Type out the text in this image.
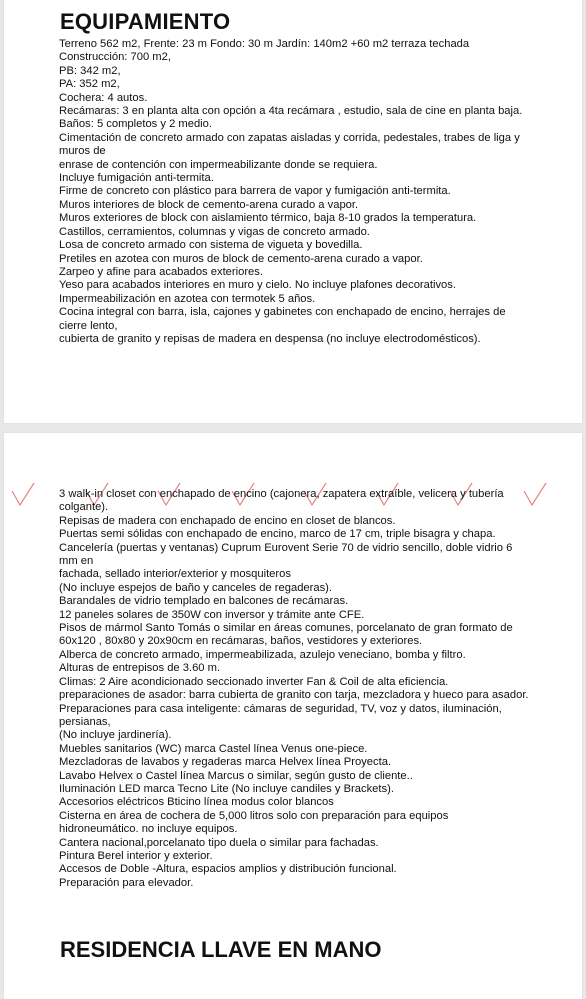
EQUIPAMIENTO
Terreno 562 m2, Frente: 23 m Fondo: 30 m Jardín: 140m2 +60 m2 terraza techada
Construcción: 700 m2,
PB: 342 m2,
PA: 352 m2,
Cochera: 4 autos.
Recámaras: 3 en planta alta con opción a 4ta recámara , estudio, sala de cine en planta baja.
Baños: 5 completos y 2 medio.
Cimentación de concreto armado con zapatas aisladas y corrida, pedestales, trabes de liga y muros de
enrase de contención con impermeabilizante donde se requiera.
Incluye fumigación anti-termita.
Firme de concreto con plástico para barrera de vapor y fumigación anti-termita.
Muros interiores de block de cemento-arena curado a vapor.
Muros exteriores de block con aislamiento térmico, baja 8-10 grados la temperatura.
Castillos, cerramientos, columnas y vigas de concreto armado.
Losa de concreto armado con sistema de vigueta y bovedilla.
Pretiles en azotea con muros de block de cemento-arena curado a vapor.
Zarpeo y afine para acabados exteriores.
Yeso para acabados interiores en muro y cielo. No incluye plafones decorativos.
Impermeabilización en azotea con termotek 5 años.
Cocina integral con barra, isla, cajones y gabinetes con enchapado de encino, herrajes de cierre lento,
cubierta de granito y repisas de madera en despensa (no incluye electrodomésticos).
3 walk-in closet con enchapado de encino (cajonera, zapatera extraíble, velicera y tubería colgante).
Repisas de madera con enchapado de encino en closet de blancos.
Puertas semi sólidas con enchapado de encino, marco de 17 cm, triple bisagra y chapa.
Cancelería (puertas y ventanas) Cuprum Eurovent Serie 70 de vidrio sencillo, doble vidrio 6 mm en
fachada, sellado interior/exterior y mosquiteros
(No incluye espejos de baño y canceles de regaderas).
Barandales de vidrio templado en balcones de recámaras.
12 paneles solares de 350W con inversor y trámite ante CFE.
Pisos de mármol Santo Tomás o similar en áreas comunes, porcelanato de gran formato de 60x120 , 80x80 y 20x90cm en recámaras, baños, vestidores y exteriores.
Alberca de concreto armado, impermeabilizada, azulejo veneciano, bomba y filtro.
Alturas de entrepisos de 3.60 m.
Climas: 2 Aire acondicionado seccionado inverter Fan & Coil de alta eficiencia.
preparaciones de asador: barra cubierta de granito con tarja, mezcladora y hueco para asador.
Preparaciones para casa inteligente: cámaras de seguridad, TV, voz y datos, iluminación, persianas,
(No incluye jardinería).
Muebles sanitarios (WC) marca Castel línea Venus one-piece.
Mezcladoras de lavabos y regaderas marca Helvex línea Proyecta.
Lavabo Helvex o Castel línea Marcus o similar, según gusto de cliente..
Iluminación LED marca Tecno Lite (No incluye candiles y Brackets).
Accesorios eléctricos Bticino línea modus color blancos
Cisterna en área de cochera de 5,000 litros solo con preparación para equipos hidroneumático. no incluye equipos.
Cantera nacional,porcelanato tipo duela o similar para fachadas.
Pintura Berel interior y exterior.
Accesos de Doble -Altura, espacios amplios y distribución funcional.
Preparación para elevador.
RESIDENCIA LLAVE EN MANO
